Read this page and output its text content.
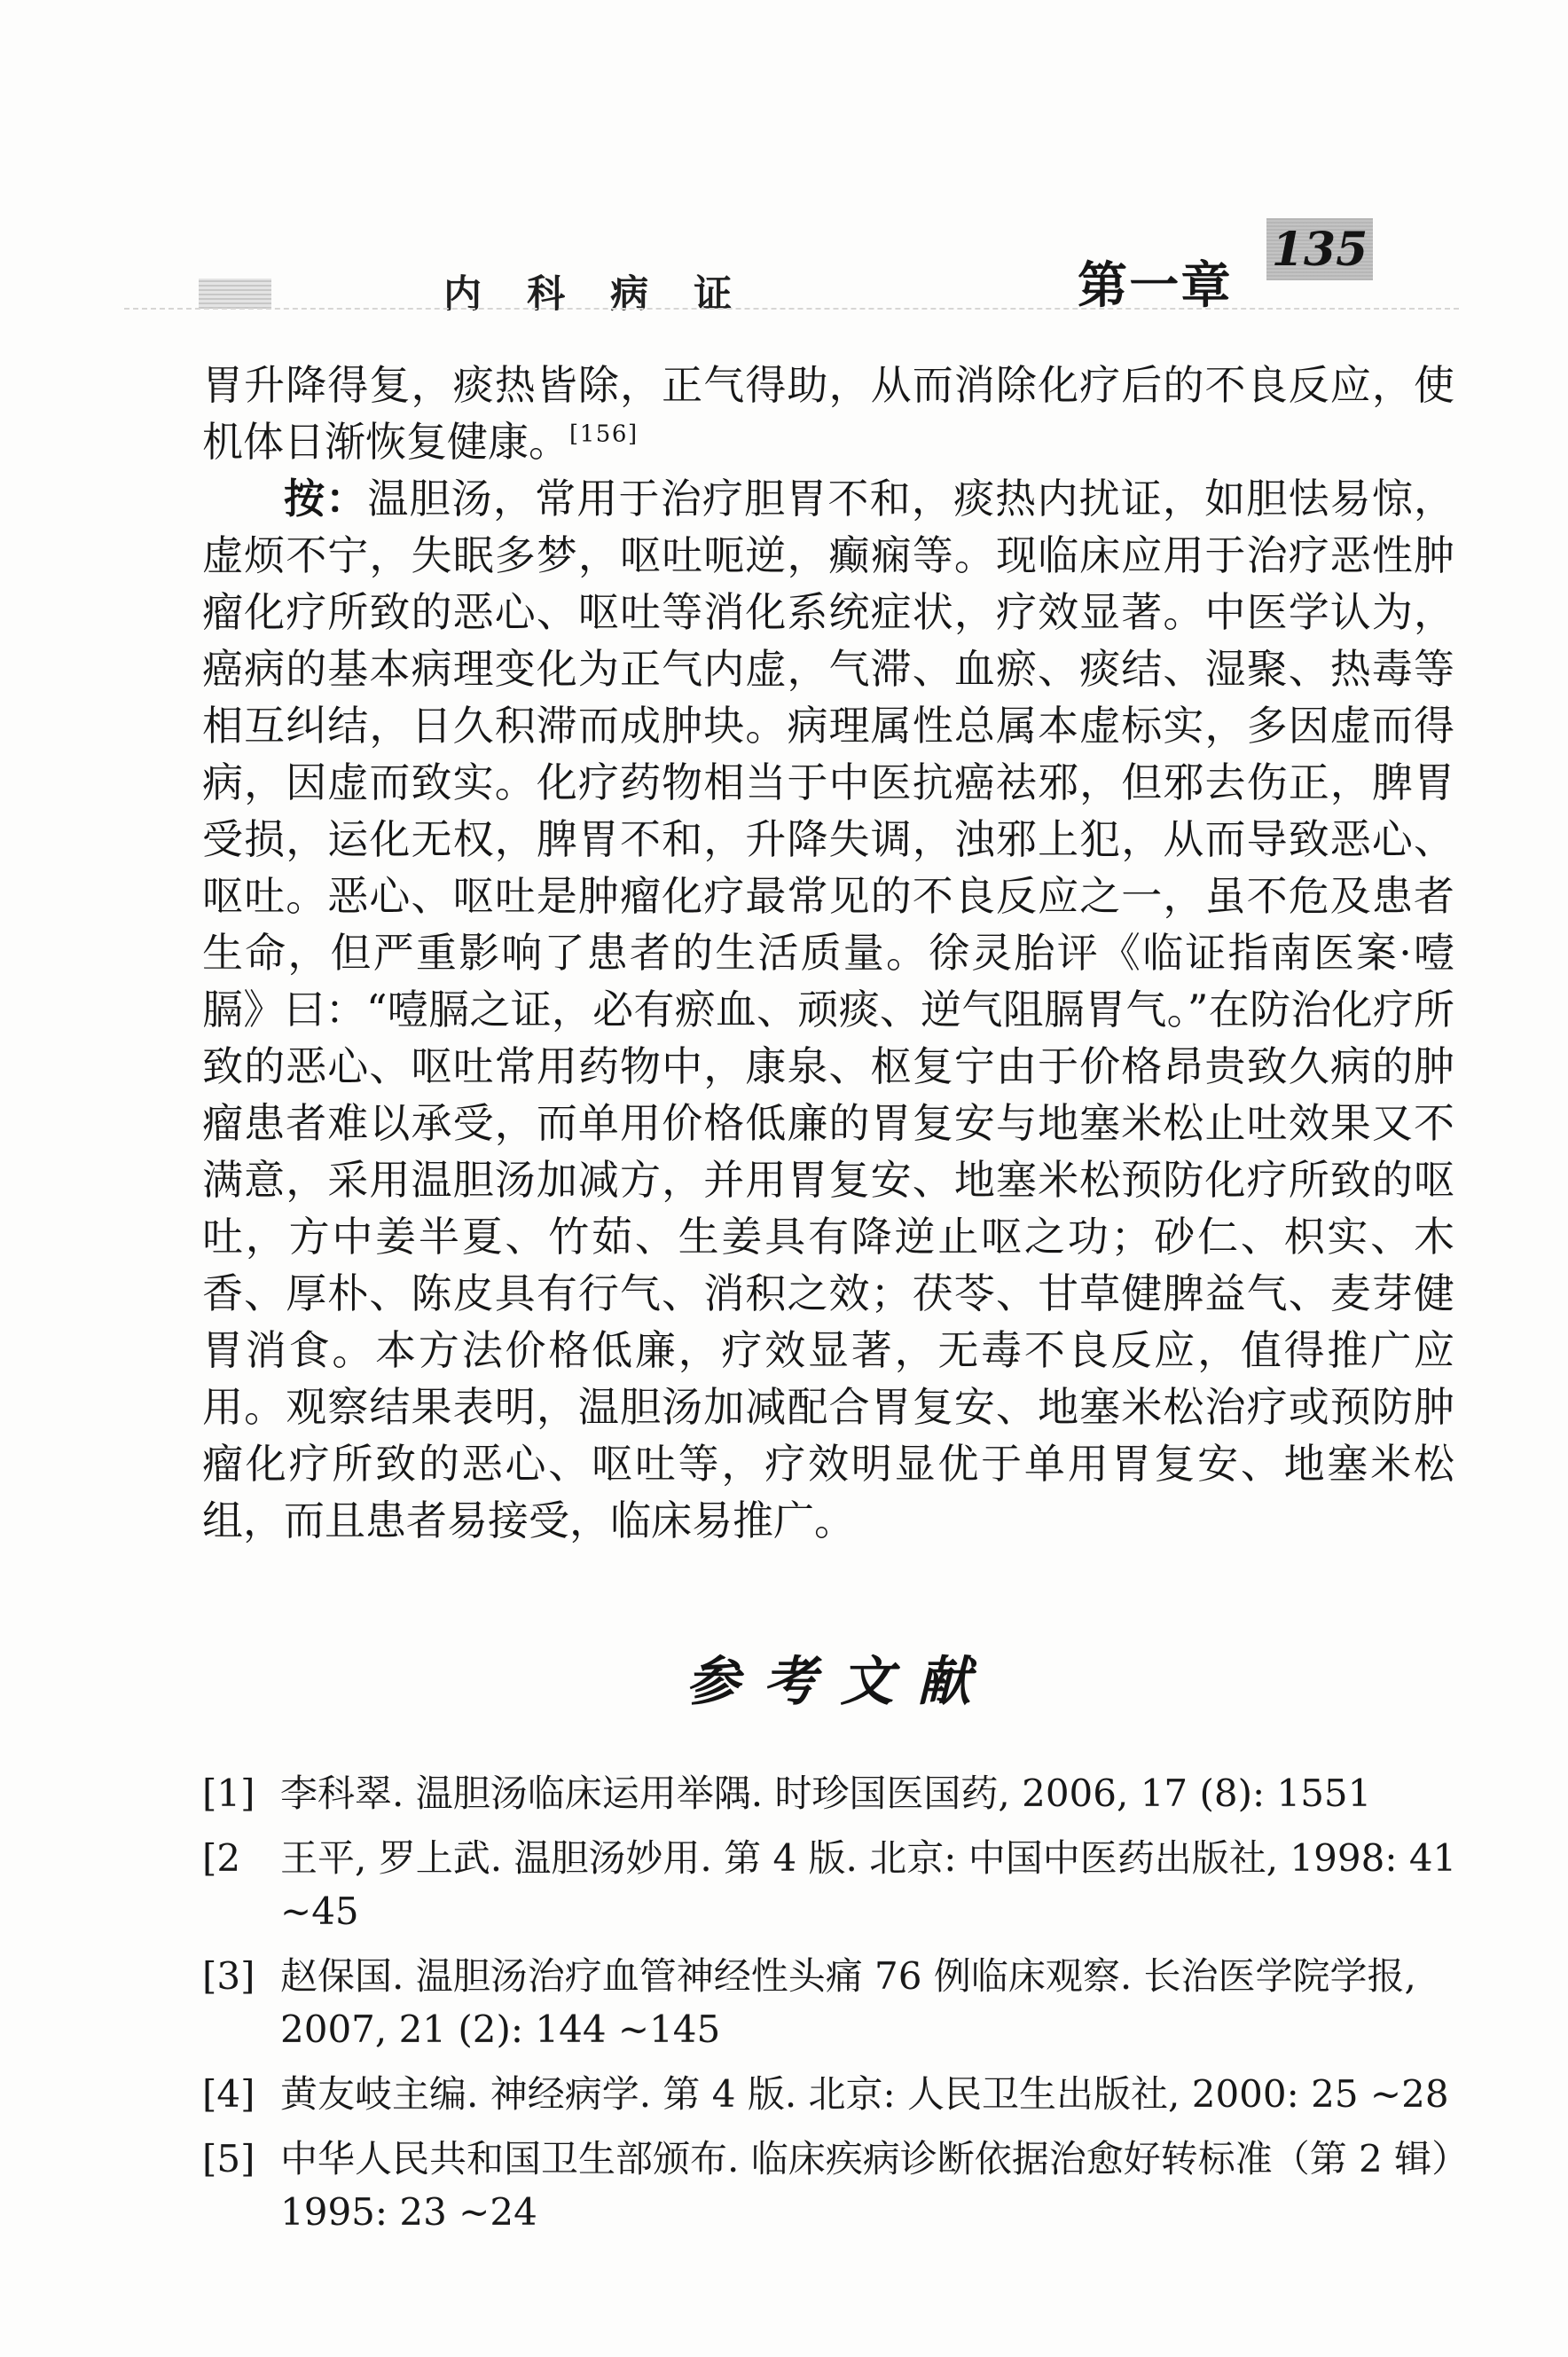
内 科 病 证	第一章
135

胃升降得复，痰热皆除，正气得助，从而消除化疗后的不良反应，使机体日渐恢复健康。[156]

按：温胆汤，常用于治疗胆胃不和，痰热内扰证，如胆怯易惊，虚烦不宁，失眠多梦，呕吐呃逆，癫痫等。现临床应用于治疗恶性肿瘤化疗所致的恶心、呕吐等消化系统症状，疗效显著。中医学认为，癌病的基本病理变化为正气内虚，气滞、血瘀、痰结、湿聚、热毒等相互纠结，日久积滞而成肿块。病理属性总属本虚标实，多因虚而得病，因虚而致实。化疗药物相当于中医抗癌祛邪，但邪去伤正，脾胃受损，运化无权，脾胃不和，升降失调，浊邪上犯，从而导致恶心、呕吐。恶心、呕吐是肿瘤化疗最常见的不良反应之一，虽不危及患者生命，但严重影响了患者的生活质量。徐灵胎评《临证指南医案·噎膈》曰：“噎膈之证，必有瘀血、顽痰、逆气阻膈胃气。”在防治化疗所致的恶心、呕吐常用药物中，康泉、枢复宁由于价格昂贵致久病的肿瘤患者难以承受，而单用价格低廉的胃复安与地塞米松止吐效果又不满意，采用温胆汤加减方，并用胃复安、地塞米松预防化疗所致的呕吐，方中姜半夏、竹茹、生姜具有降逆止呕之功；砂仁、枳实、木香、厚朴、陈皮具有行气、消积之效；茯苓、甘草健脾益气、麦芽健胃消食。本方法价格低廉，疗效显著，无毒不良反应，值得推广应用。观察结果表明，温胆汤加减配合胃复安、地塞米松治疗或预防肿瘤化疗所致的恶心、呕吐等，疗效明显优于单用胃复安、地塞米松组，而且患者易接受，临床易推广。

参考文献
[1] 李科翠. 温胆汤临床运用举隅. 时珍国医国药, 2006, 17 (8): 1551
[2	王平, 罗上武. 温胆汤妙用. 第 4 版. 北京: 中国中医药出版社, 1998: 41 ~45
[3] 赵保国. 温胆汤治疗血管神经性头痛 76 例临床观察. 长治医学院学报, 2007, 21 (2): 144 ~145
[4] 黄友岐主编. 神经病学. 第 4 版. 北京: 人民卫生出版社, 2000: 25 ~28
[5] 中华人民共和国卫生部颁布. 临床疾病诊断依据治愈好转标准（第 2 辑）1995: 23 ~24
